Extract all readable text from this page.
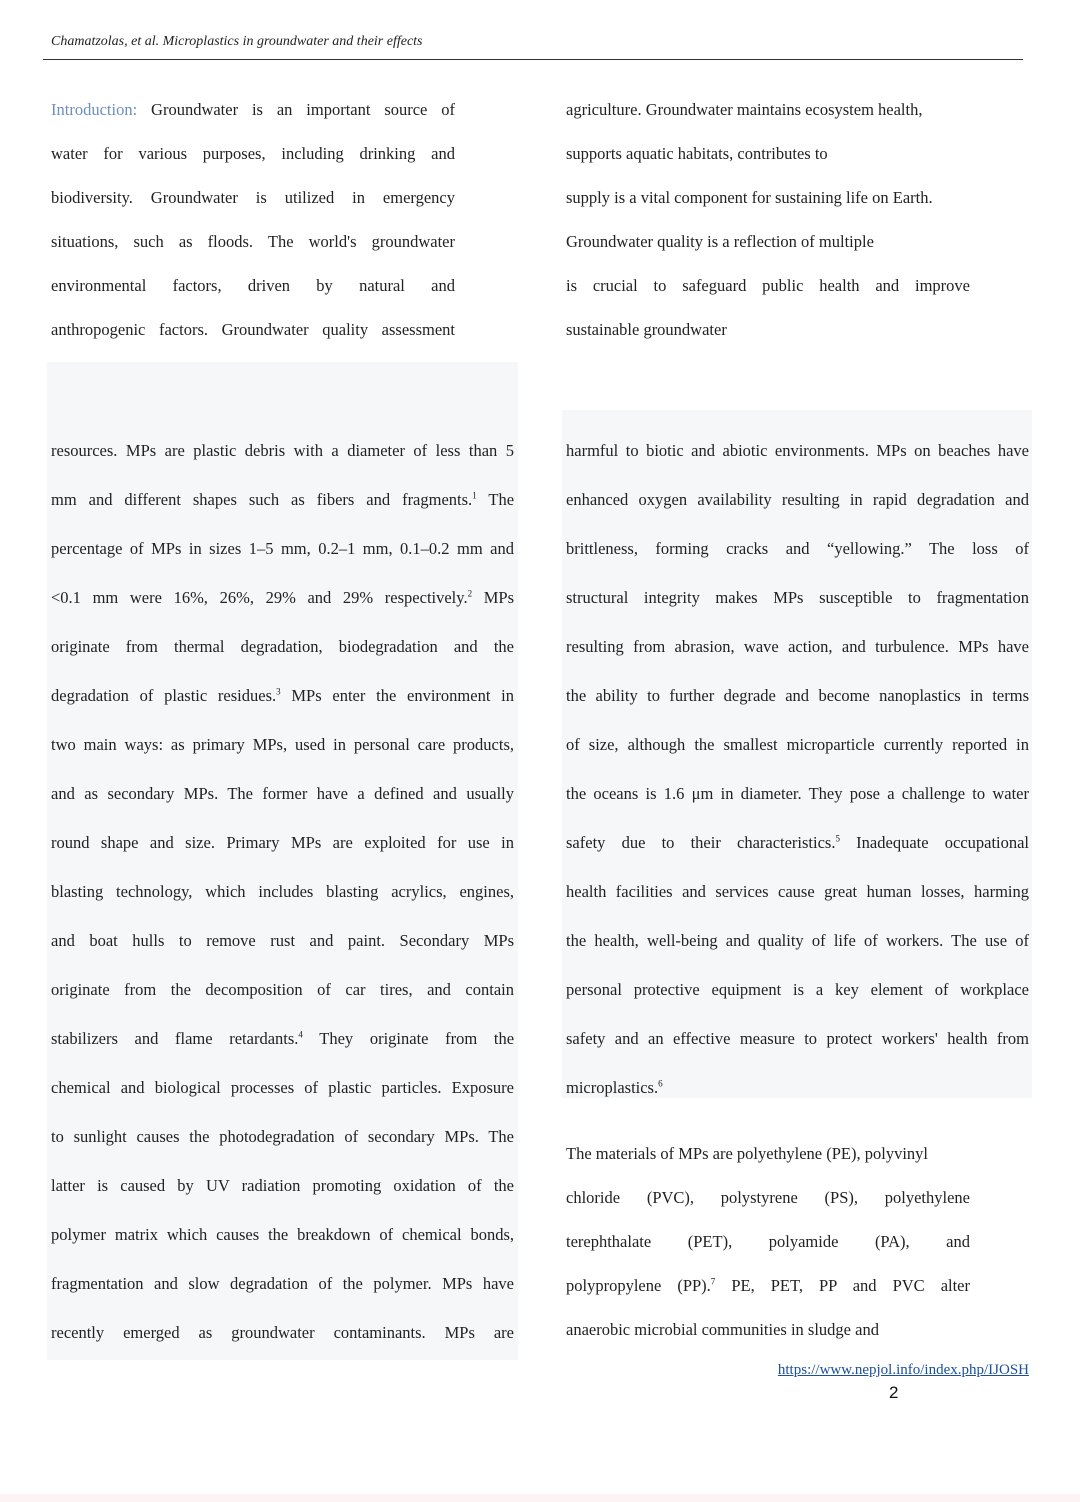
Chamatzolas, et al. Microplastics in groundwater and their effects
Introduction: Groundwater is an important source of
water for various purposes, including drinking and
biodiversity. Groundwater is utilized in emergency
situations, such as floods. The world's groundwater
environmental factors, driven by natural and
anthropogenic factors. Groundwater quality assessment
agriculture. Groundwater maintains ecosystem health,
supports aquatic habitats, contributes to
supply is a vital component for sustaining life on Earth.
Groundwater quality is a reflection of multiple
is crucial to safeguard public health and improve
sustainable groundwater
resources. MPs are plastic debris with a diameter of less than 5
mm and different shapes such as fibers and fragments.$^1$ The
percentage of MPs in sizes 1–5 mm, 0.2–1 mm, 0.1–0.2 mm and
<0.1 mm were 16%, 26%, 29% and 29% respectively.$^2$ MPs
originate from thermal degradation, biodegradation and the
degradation of plastic residues.$^3$ MPs enter the environment in
two main ways: as primary MPs, used in personal care products,
and as secondary MPs. The former have a defined and usually
round shape and size. Primary MPs are exploited for use in
blasting technology, which includes blasting acrylics, engines,
and boat hulls to remove rust and paint. Secondary MPs
originate from the decomposition of car tires, and contain
stabilizers and flame retardants.$^4$ They originate from the
chemical and biological processes of plastic particles. Exposure
to sunlight causes the photodegradation of secondary MPs. The
latter is caused by UV radiation promoting oxidation of the
polymer matrix which causes the breakdown of chemical bonds,
fragmentation and slow degradation of the polymer. MPs have
recently emerged as groundwater contaminants. MPs are
harmful to biotic and abiotic environments. MPs on beaches have
enhanced oxygen availability resulting in rapid degradation and
brittleness, forming cracks and “yellowing.” The loss of
structural integrity makes MPs susceptible to fragmentation
resulting from abrasion, wave action, and turbulence. MPs have
the ability to further degrade and become nanoplastics in terms
of size, although the smallest microparticle currently reported in
the oceans is 1.6 μm in diameter. They pose a challenge to water
safety due to their characteristics.$^5$ Inadequate occupational
health facilities and services cause great human losses, harming
the health, well-being and quality of life of workers. The use of
personal protective equipment is a key element of workplace
safety and an effective measure to protect workers' health from
microplastics.$^6$
The materials of MPs are polyethylene (PE), polyvinyl
chloride (PVC), polystyrene (PS), polyethylene
terephthalate (PET), polyamide (PA), and
polypropylene (PP).$^7$ PE, PET, PP and PVC alter
anaerobic microbial communities in sludge and
https://www.nepjol.info/index.php/IJOSH
2
